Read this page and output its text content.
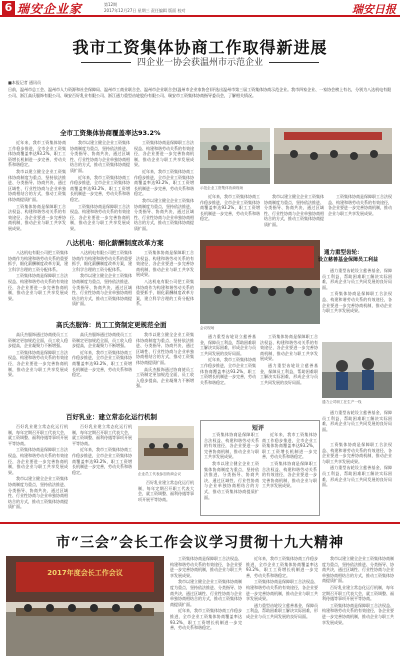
6 瑞安企业家	第12期
2017年12月27日 星期三 责任编辑 版面 校对	瑞安日报
我市工资集体协商工作取得新进展
四企业一协会获温州市示范企业
■本报记者 通讯员
日前，温州市总工会、温州市人力资源和社会保障局、温州市工商业联合会、温州市企业联合会(温州市企业家协会)评选出温州市第三届工资集体协商示范企业。我市四家企业、一家协会榜上有名，分别为八达机电有限公司、浙江高氏服饰有限公司、瑞安百好乳业有限公司、浙江通力重型齿轮股份有限公司、瑞安市工资集体协商指导委员会，了解相关情况。
全市工资集体协商覆盖率达93.2%

近年来，我市工资集体协商工作稳步推进，全市企业工资集体协商覆盖率达93.2%，职工工资增长机制进一步完善，劳动关系和谐稳定。

我市以建立健全企业工资集体协商制度为重点，坚持依法推进、分类指导、协商共决，通过区域性、行业性协商与企业单独协商相结合的方式，推动工资集体协商提质扩面。

工资集体协商是保障职工合法权益、构建和谐劳动关系的有效途径，各企业要进一步完善协商机制，推动企业与职工共享发展成果。

我市以建立健全企业工资集体协商制度为重点，坚持依法推进、分类指导、协商共决，通过区域性、行业性协商与企业单独协商相结合的方式，推动工资集体协商提质扩面。

近年来，我市工资集体协商工作稳步推进，全市企业工资集体协商覆盖率达93.2%，职工工资增长机制进一步完善，劳动关系和谐稳定。

工资集体协商是保障职工合法权益、构建和谐劳动关系的有效途径，各企业要进一步完善协商机制，推动企业与职工共享发展成果。

工资集体协商是保障职工合法权益、构建和谐劳动关系的有效途径，各企业要进一步完善协商机制，推动企业与职工共享发展成果。

近年来，我市工资集体协商工作稳步推进，全市企业工资集体协商覆盖率达93.2%，职工工资增长机制进一步完善，劳动关系和谐稳定。

我市以建立健全企业工资集体协商制度为重点，坚持依法推进、分类指导、协商共决，通过区域性、行业性协商与企业单独协商相结合的方式，推动工资集体协商提质扩面。

示范企业工资集体协商现场

近年来，我市工资集体协商工作稳步推进，全市企业工资集体协商覆盖率达93.2%，职工工资增长机制进一步完善，劳动关系和谐稳定。

我市以建立健全企业工资集体协商制度为重点，坚持依法推进、分类指导、协商共决，通过区域性、行业性协商与企业单独协商相结合的方式，推动工资集体协商提质扩面。

工资集体协商是保障职工合法权益、构建和谐劳动关系的有效途径，各企业要进一步完善协商机制，推动企业与职工共享发展成果。

八达机电：细化薪酬制度改革方案

八达机电有限公司把工资集体协商作为构建和谐劳动关系的重要抓手，细化薪酬制度改革方案，建立科学合理的工资分配体系。

工资集体协商是保障职工合法权益、构建和谐劳动关系的有效途径，各企业要进一步完善协商机制，推动企业与职工共享发展成果。

八达机电有限公司把工资集体协商作为构建和谐劳动关系的重要抓手，细化薪酬制度改革方案，建立科学合理的工资分配体系。

我市以建立健全企业工资集体协商制度为重点，坚持依法推进、分类指导、协商共决，通过区域性、行业性协商与企业单独协商相结合的方式，推动工资集体协商提质扩面。

工资集体协商是保障职工合法权益、构建和谐劳动关系的有效途径，各企业要进一步完善协商机制，推动企业与职工共享发展成果。

八达机电有限公司把工资集体协商作为构建和谐劳动关系的重要抓手，细化薪酬制度改革方案，建立科学合理的工资分配体系。

会议现场
通力重型齿轮：
设立慈善基金保障员工利益

通力重型齿轮设立慈善基金，保障员工利益，帮助困难职工解决实际困难，形成企业与员工共同发展的良好局面。

工资集体协商是保障职工合法权益、构建和谐劳动关系的有效途径，各企业要进一步完善协商机制，推动企业与职工共享发展成果。

高氏杰服饰：员工工资制定更规范全面

高氏杰服饰通过协商使员工工资制定更加规范全面，员工收入稳步提高，企业凝聚力不断增强。

工资集体协商是保障职工合法权益、构建和谐劳动关系的有效途径，各企业要进一步完善协商机制，推动企业与职工共享发展成果。

高氏杰服饰通过协商使员工工资制定更加规范全面，员工收入稳步提高，企业凝聚力不断增强。

近年来，我市工资集体协商工作稳步推进，全市企业工资集体协商覆盖率达93.2%，职工工资增长机制进一步完善，劳动关系和谐稳定。

我市以建立健全企业工资集体协商制度为重点，坚持依法推进、分类指导、协商共决，通过区域性、行业性协商与企业单独协商相结合的方式，推动工资集体协商提质扩面。

高氏杰服饰通过协商使员工工资制定更加规范全面，员工收入稳步提高，企业凝聚力不断增强。

通力重型齿轮设立慈善基金，保障员工利益，帮助困难职工解决实际困难，形成企业与员工共同发展的良好局面。

近年来，我市工资集体协商工作稳步推进，全市企业工资集体协商覆盖率达93.2%，职工工资增长机制进一步完善，劳动关系和谐稳定。

工资集体协商是保障职工合法权益、构建和谐劳动关系的有效途径，各企业要进一步完善协商机制，推动企业与职工共享发展成果。

通力重型齿轮设立慈善基金，保障员工利益，帮助困难职工解决实际困难，形成企业与员工共同发展的良好局面。

通力公司职工在生产一线

通力重型齿轮设立慈善基金，保障员工利益，帮助困难职工解决实际困难，形成企业与员工共同发展的良好局面。

百好乳业：建立常态化运行机制

百好乳业建立常态化运行机制，每年定期召开职工代表大会，就工资调整、福利待遇等事项开展平等协商。

工资集体协商是保障职工合法权益、构建和谐劳动关系的有效途径，各企业要进一步完善协商机制，推动企业与职工共享发展成果。

我市以建立健全企业工资集体协商制度为重点，坚持依法推进、分类指导、协商共决，通过区域性、行业性协商与企业单独协商相结合的方式，推动工资集体协商提质扩面。

百好乳业建立常态化运行机制，每年定期召开职工代表大会，就工资调整、福利待遇等事项开展平等协商。

近年来，我市工资集体协商工作稳步推进，全市企业工资集体协商覆盖率达93.2%，职工工资增长机制进一步完善，劳动关系和谐稳定。	企业员工代表参加协商会议

百好乳业建立常态化运行机制，每年定期召开职工代表大会，就工资调整、福利待遇等事项开展平等协商。

短评

工资集体协商是保障职工合法权益、构建和谐劳动关系的有效途径，各企业要进一步完善协商机制，推动企业与职工共享发展成果。

我市以建立健全企业工资集体协商制度为重点，坚持依法推进、分类指导、协商共决，通过区域性、行业性协商与企业单独协商相结合的方式，推动工资集体协商提质扩面。

近年来，我市工资集体协商工作稳步推进，全市企业工资集体协商覆盖率达93.2%，职工工资增长机制进一步完善，劳动关系和谐稳定。

工资集体协商是保障职工合法权益、构建和谐劳动关系的有效途径，各企业要进一步完善协商机制，推动企业与职工共享发展成果。

工资集体协商是保障职工合法权益、构建和谐劳动关系的有效途径，各企业要进一步完善协商机制，推动企业与职工共享发展成果。

通力重型齿轮设立慈善基金，保障员工利益，帮助困难职工解决实际困难，形成企业与员工共同发展的良好局面。

市“三会”会长工作会议学习贯彻十九大精神
2017年度会长工作会议

工资集体协商是保障职工合法权益、构建和谐劳动关系的有效途径，各企业要进一步完善协商机制，推动企业与职工共享发展成果。

我市以建立健全企业工资集体协商制度为重点，坚持依法推进、分类指导、协商共决，通过区域性、行业性协商与企业单独协商相结合的方式，推动工资集体协商提质扩面。

近年来，我市工资集体协商工作稳步推进，全市企业工资集体协商覆盖率达93.2%，职工工资增长机制进一步完善，劳动关系和谐稳定。

近年来，我市工资集体协商工作稳步推进，全市企业工资集体协商覆盖率达93.2%，职工工资增长机制进一步完善，劳动关系和谐稳定。

工资集体协商是保障职工合法权益、构建和谐劳动关系的有效途径，各企业要进一步完善协商机制，推动企业与职工共享发展成果。

通力重型齿轮设立慈善基金，保障员工利益，帮助困难职工解决实际困难，形成企业与员工共同发展的良好局面。

我市以建立健全企业工资集体协商制度为重点，坚持依法推进、分类指导、协商共决，通过区域性、行业性协商与企业单独协商相结合的方式，推动工资集体协商提质扩面。

百好乳业建立常态化运行机制，每年定期召开职工代表大会，就工资调整、福利待遇等事项开展平等协商。

工资集体协商是保障职工合法权益、构建和谐劳动关系的有效途径，各企业要进一步完善协商机制，推动企业与职工共享发展成果。
